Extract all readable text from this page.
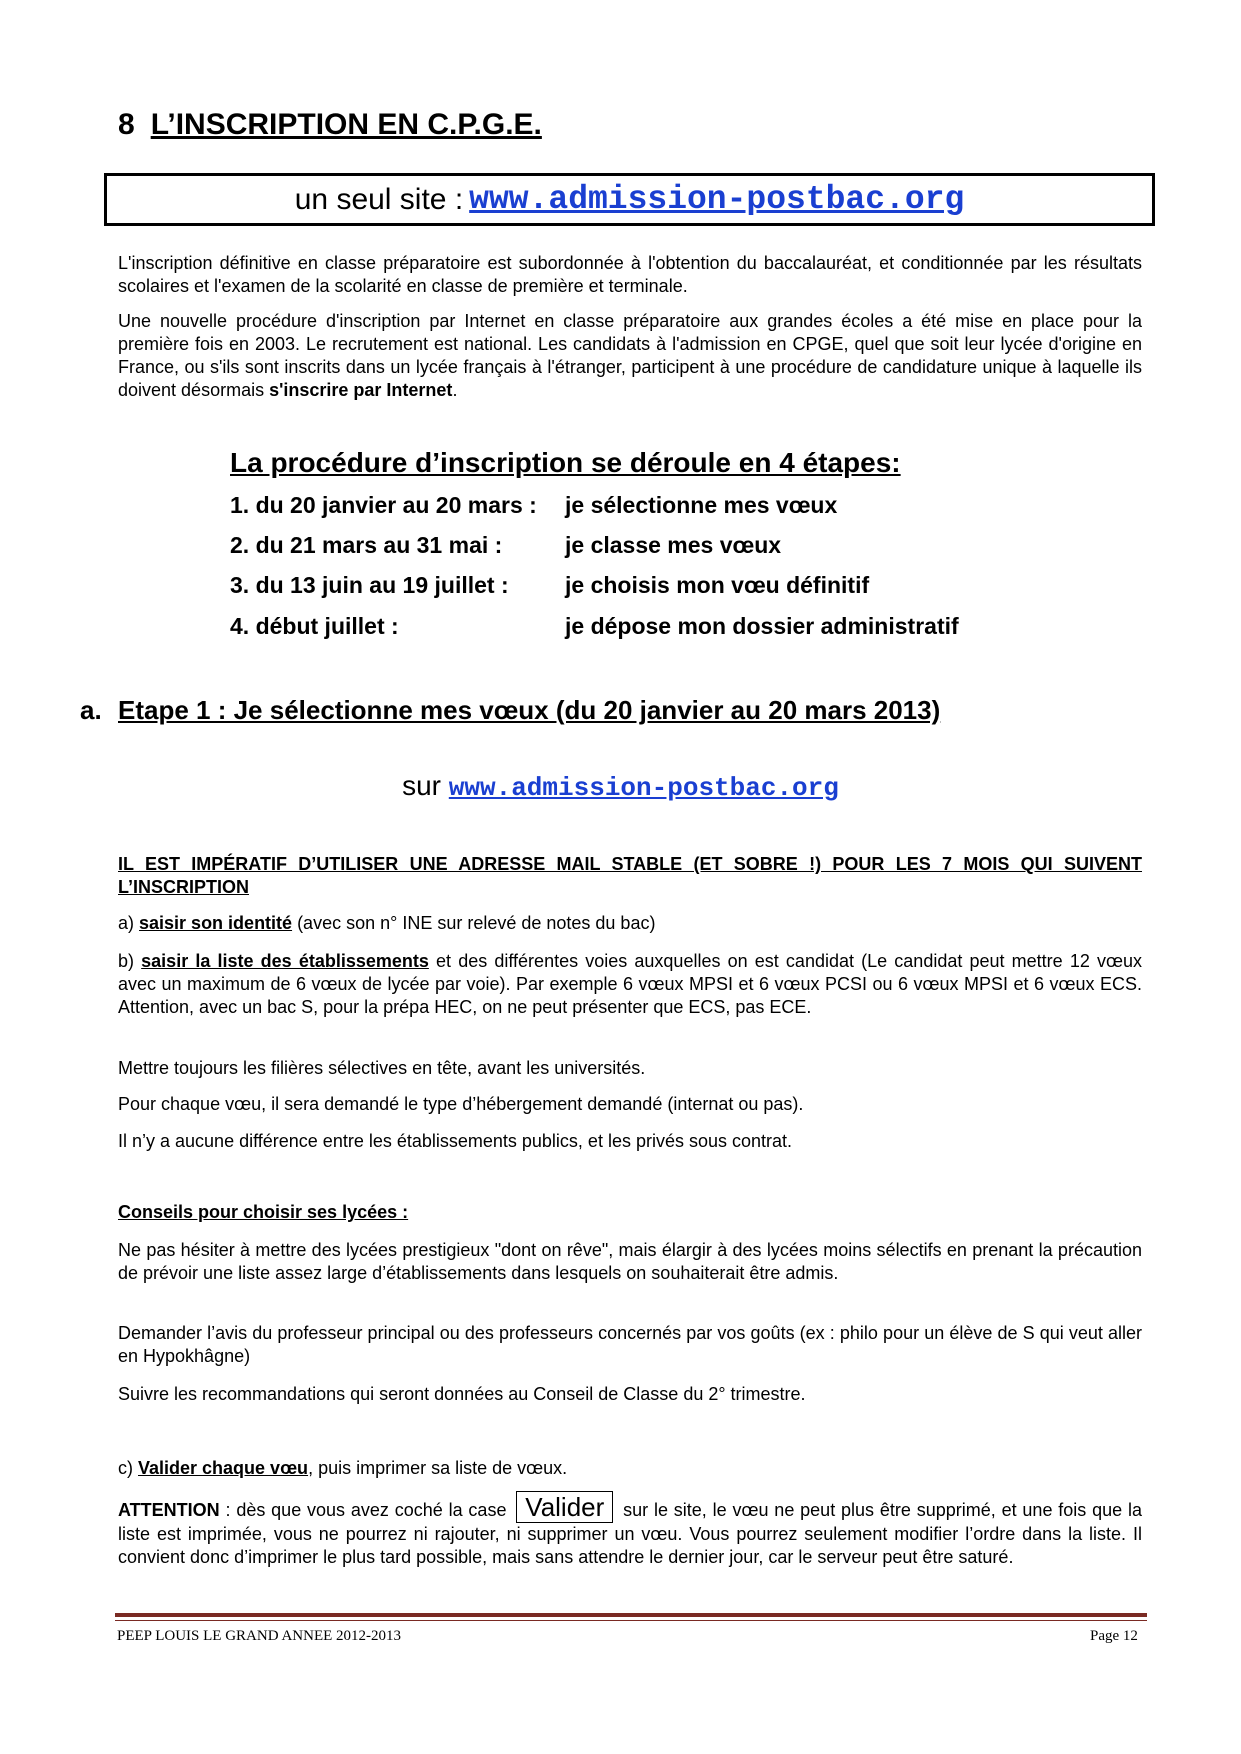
8 L’INSCRIPTION EN C.P.G.E.
un seul site : www.admission-postbac.org

L'inscription définitive en classe préparatoire est subordonnée à l'obtention du baccalauréat, et conditionnée par les résultats scolaires et l'examen de la scolarité en classe de première et terminale.

Une nouvelle procédure d'inscription par Internet en classe préparatoire aux grandes écoles a été mise en place pour la première fois en 2003. Le recrutement est national. Les candidats à l'admission en CPGE, quel que soit leur lycée d'origine en France, ou s'ils sont inscrits dans un lycée français à l'étranger, participent à une procédure de candidature unique à laquelle ils doivent désormais s'inscrire par Internet.

La procédure d’inscription se déroule en 4 étapes:
1. du 20 janvier au 20 mars : je sélectionne mes vœux
2. du 21 mars au 31 mai :	je classe mes vœux
3. du 13 juin au 19 juillet : je choisis mon vœu définitif
4. début juillet :	je dépose mon dossier administratif
a. Etape 1 : Je sélectionne mes vœux (du 20 janvier au 20 mars 2013)
sur www.admission-postbac.org
IL EST IMPÉRATIF D’UTILISER UNE ADRESSE MAIL STABLE (ET SOBRE !) POUR LES 7 MOIS QUI SUIVENT L’INSCRIPTION
a) saisir son identité (avec son n° INE sur relevé de notes du bac)
b) saisir la liste des établissements et des différentes voies auxquelles on est candidat (Le candidat peut mettre 12 vœux avec un maximum de 6 vœux de lycée par voie). Par exemple 6 vœux MPSI et 6 vœux PCSI ou 6 vœux MPSI et 6 vœux ECS. Attention, avec un bac S, pour la prépa HEC, on ne peut présenter que ECS, pas ECE.
Mettre toujours les filières sélectives en tête, avant les universités.
Pour chaque vœu, il sera demandé le type d’hébergement demandé (internat ou pas).
Il n’y a aucune différence entre les établissements publics, et les privés sous contrat.
Conseils pour choisir ses lycées :
Ne pas hésiter à mettre des lycées prestigieux "dont on rêve", mais élargir à des lycées moins sélectifs en prenant la précaution de prévoir une liste assez large d’établissements dans lesquels on souhaiterait être admis.
Demander l’avis du professeur principal ou des professeurs concernés par vos goûts (ex : philo pour un élève de S qui veut aller en Hypokhâgne)
Suivre les recommandations qui seront données au Conseil de Classe du 2° trimestre.
c) Valider chaque vœu, puis imprimer sa liste de vœux.
ATTENTION : dès que vous avez coché la case Valider sur le site, le vœu ne peut plus être supprimé, et une fois que la liste est imprimée, vous ne pourrez ni rajouter, ni supprimer un vœu. Vous pourrez seulement modifier l’ordre dans la liste. Il convient donc d’imprimer le plus tard possible, mais sans attendre le dernier jour, car le serveur peut être saturé.
PEEP LOUIS LE GRAND ANNEE 2012-2013	Page 12
